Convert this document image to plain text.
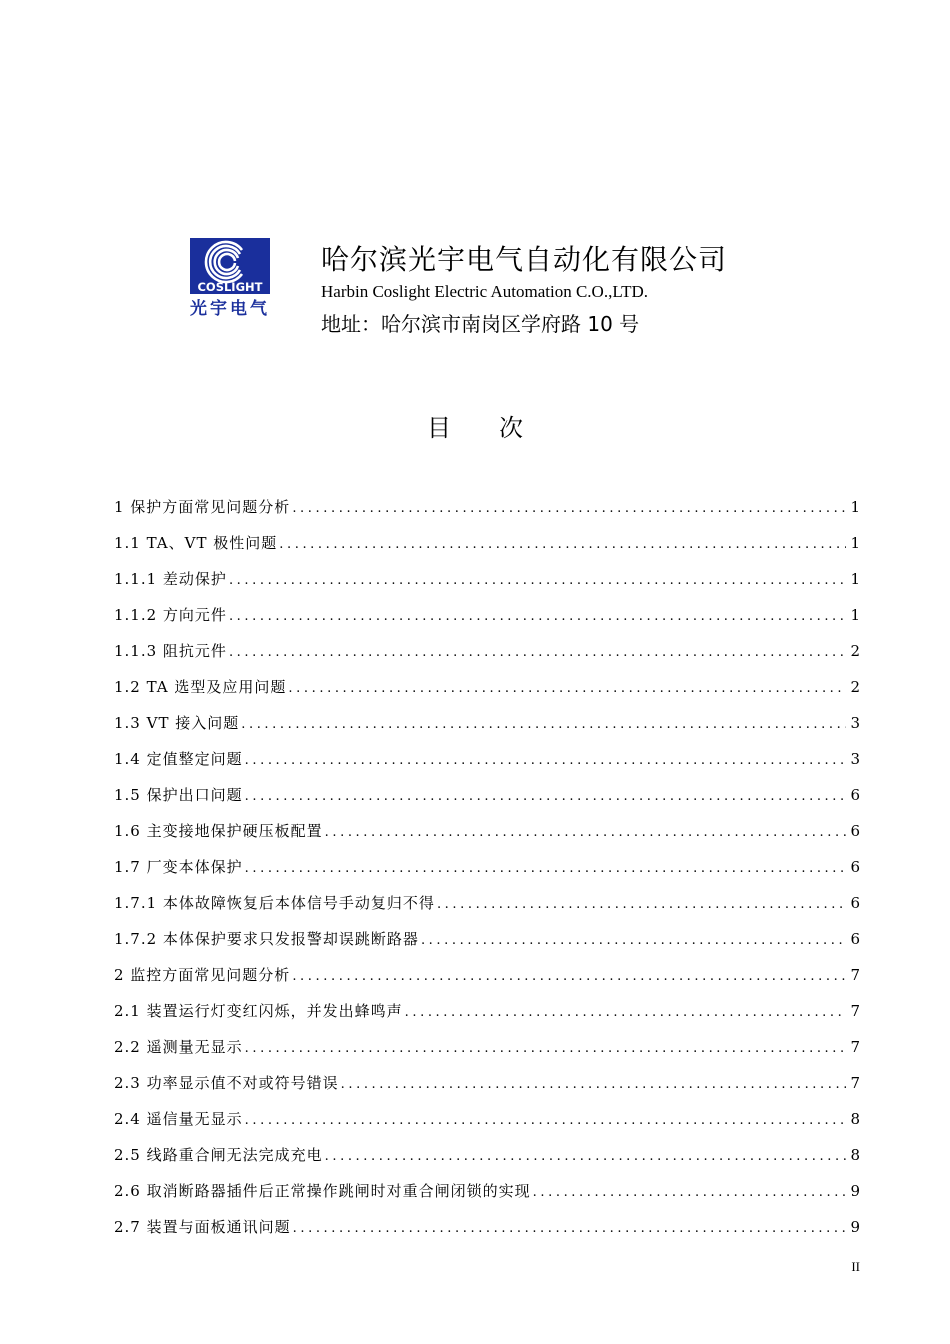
COSLIGHT
光宇电气
哈尔滨光宇电气自动化有限公司
Harbin Coslight Electric Automation C.O.,LTD.
地址：哈尔滨市南岗区学府路 10 号
目次
1 保护方面常见问题分析 .....	1
1.1 TA、VT 极性问题 .....	1
1.1.1 差动保护 .....	1
1.1.2 方向元件 .....	1
1.1.3 阻抗元件 .....	2
1.2 TA 选型及应用问题 .....	2
1.3 VT 接入问题 .....	3
1.4 定值整定问题 .....	3
1.5 保护出口问题 .....	6
1.6 主变接地保护硬压板配置 .....	6
1.7 厂变本体保护 .....	6
1.7.1 本体故障恢复后本体信号手动复归不得 .....	6
1.7.2 本体保护要求只发报警却误跳断路器 .....	6
2 监控方面常见问题分析 .....	7
2.1 装置运行灯变红闪烁，并发出蜂鸣声 .....	7
2.2 遥测量无显示 .....	7
2.3 功率显示值不对或符号错误 .....	7
2.4 遥信量无显示 .....	8
2.5 线路重合闸无法完成充电 .....	8
2.6 取消断路器插件后正常操作跳闸时对重合闸闭锁的实现 .....	9
2.7 装置与面板通讯问题 .....	9
II
